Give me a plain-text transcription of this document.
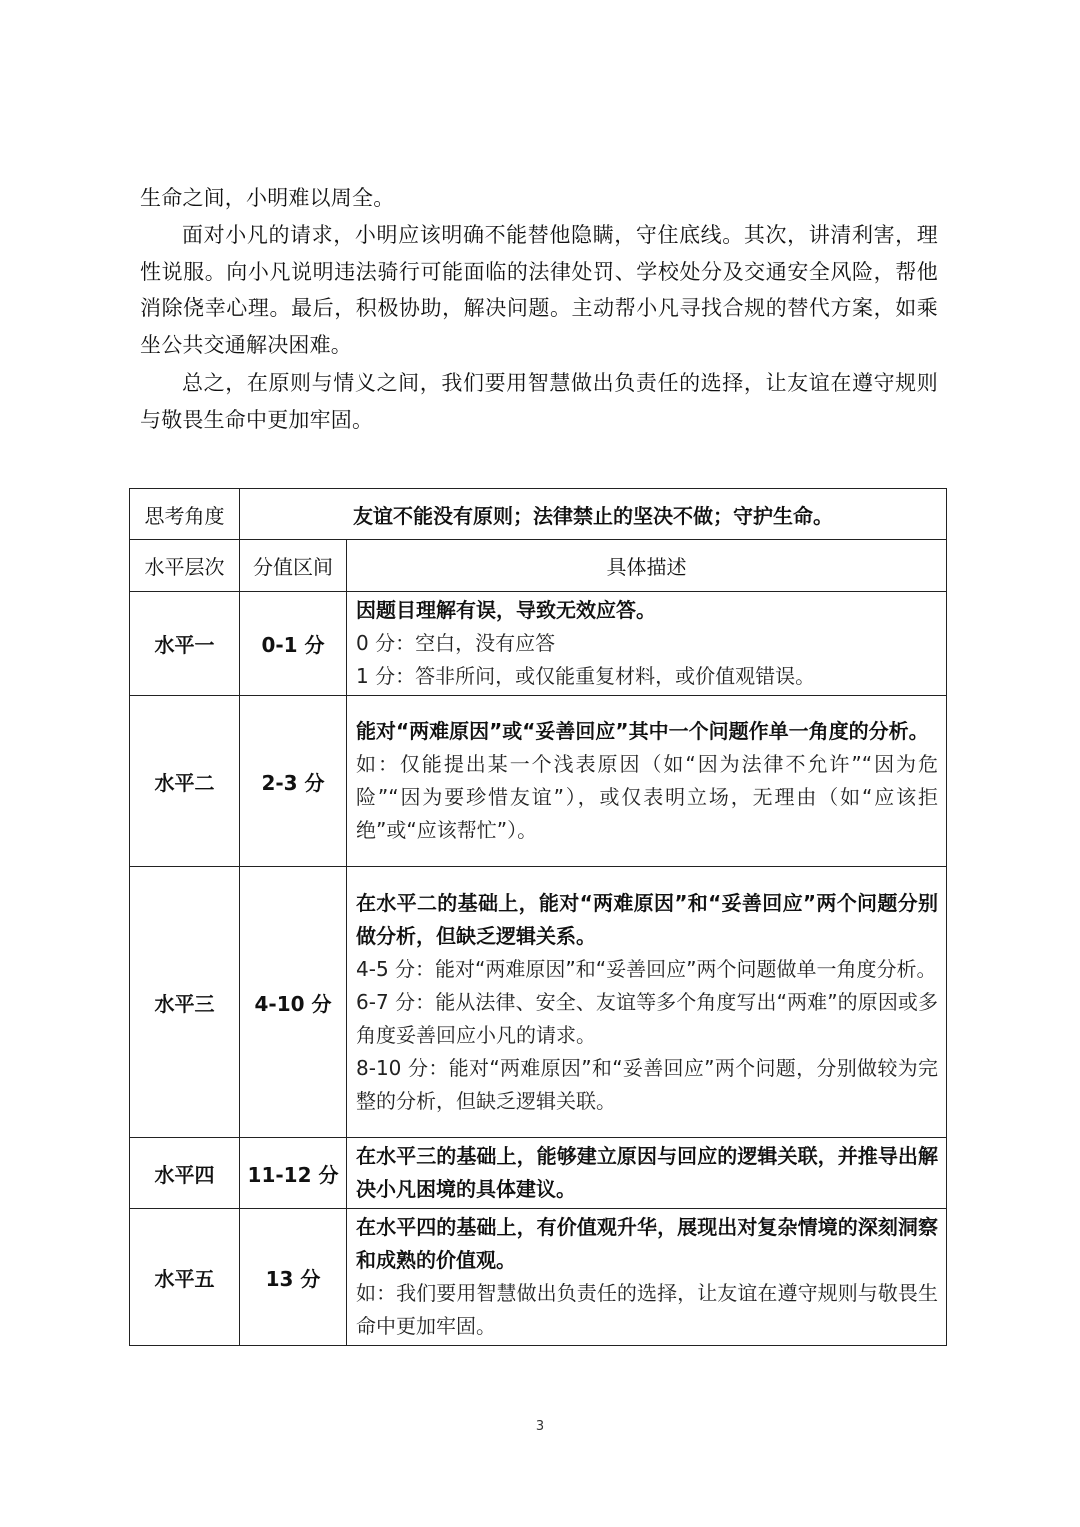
生命之间，小明难以周全。

面对小凡的请求，小明应该明确不能替他隐瞒，守住底线。其次，讲清利害，理性说服。向小凡说明违法骑行可能面临的法律处罚、学校处分及交通安全风险，帮他消除侥幸心理。最后，积极协助，解决问题。主动帮小凡寻找合规的替代方案，如乘坐公共交通解决困难。

总之，在原则与情义之间，我们要用智慧做出负责任的选择，让友谊在遵守规则与敬畏生命中更加牢固。

思考角度	友谊不能没有原则；法律禁止的坚决不做；守护生命。	
水平层次	分值区间	具体描述
水平一	0-1 分	因题目理解有误，导致无效应答。
0 分：空白，没有应答
1 分：答非所问，或仅能重复材料，或价值观错误。

水平二	2-3 分	能对“两难原因”或“妥善回应”其中一个问题作单一角度的分析。
如：仅能提出某一个浅表原因（如“因为法律不允许”“因为危险”“因为要珍惜友谊”），或仅表明立场，无理由（如“应该拒绝”或“应该帮忙”）。

水平三	4-10 分	在水平二的基础上，能对“两难原因”和“妥善回应”两个问题分别做分析，但缺乏逻辑关系。
4-5 分：能对“两难原因”和“妥善回应”两个问题做单一角度分析。
6-7 分：能从法律、安全、友谊等多个角度写出“两难”的原因或多角度妥善回应小凡的请求。
8-10 分：能对“两难原因”和“妥善回应”两个问题，分别做较为完整的分析，但缺乏逻辑关联。

水平四	11-12 分	在水平三的基础上，能够建立原因与回应的逻辑关联，并推导出解决小凡困境的具体建议。

水平五	13 分	在水平四的基础上，有价值观升华，展现出对复杂情境的深刻洞察和成熟的价值观。
如：我们要用智慧做出负责任的选择，让友谊在遵守规则与敬畏生命中更加牢固。
3
